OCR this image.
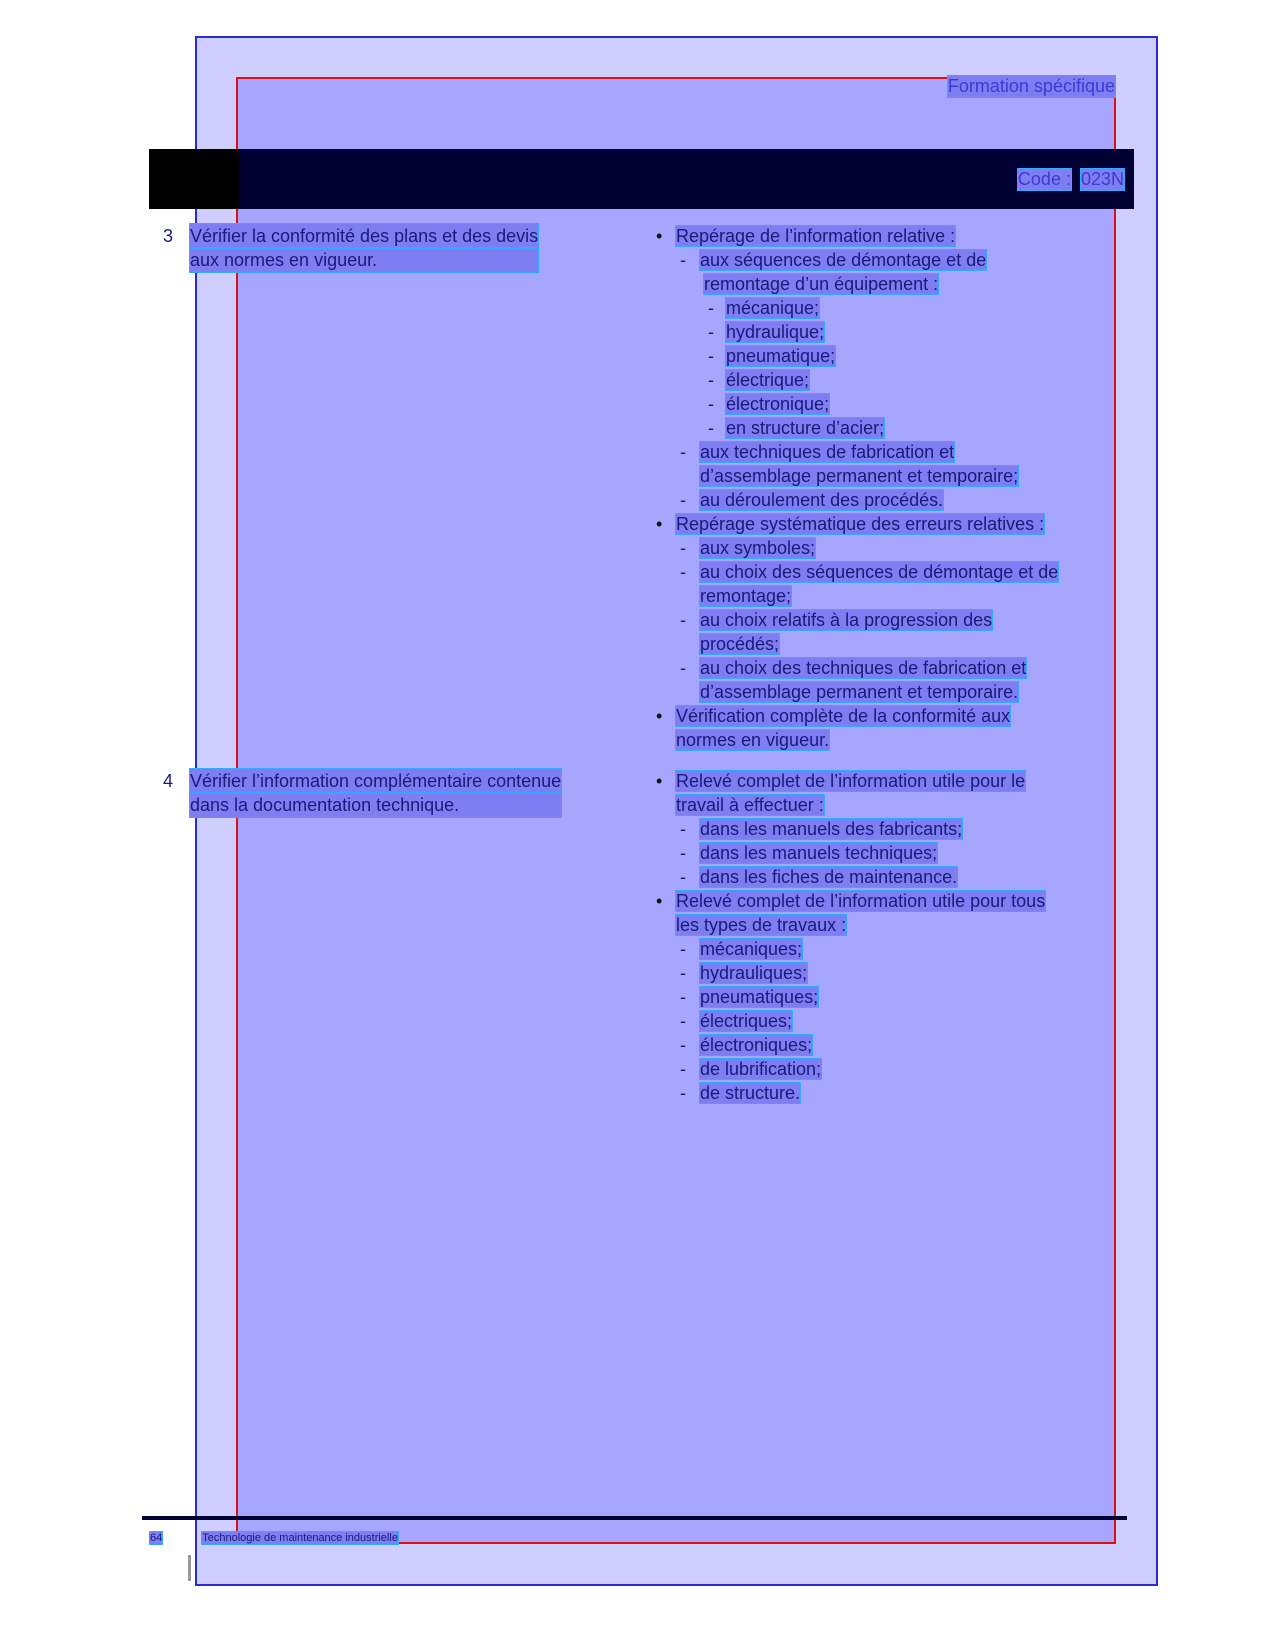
Formation spécifique
Code : 023N
3 Vérifier la conformité des plans et des devis
aux normes en vigueur.
4 Vérifier l’information complémentaire contenue
dans la documentation technique.
• Repérage de l’information relative :
- aux séquences de démontage et de
remontage d’un équipement :
- mécanique;
- hydraulique;
- pneumatique;
- électrique;
- électronique;
- en structure d’acier;
- aux techniques de fabrication et
d’assemblage permanent et temporaire;
- au déroulement des procédés.
• Repérage systématique des erreurs relatives :
- aux symboles;
- au choix des séquences de démontage et de
remontage;
- au choix relatifs à la progression des
procédés;
- au choix des techniques de fabrication et
d’assemblage permanent et temporaire.
• Vérification complète de la conformité aux
normes en vigueur.
• Relevé complet de l’information utile pour le
travail à effectuer :
- dans les manuels des fabricants;
- dans les manuels techniques;
- dans les fiches de maintenance.
• Relevé complet de l’information utile pour tous
les types de travaux :
- mécaniques;
- hydrauliques;
- pneumatiques;
- électriques;
- électroniques;
- de lubrification;
- de structure.
64	Technologie de maintenance industrielle
